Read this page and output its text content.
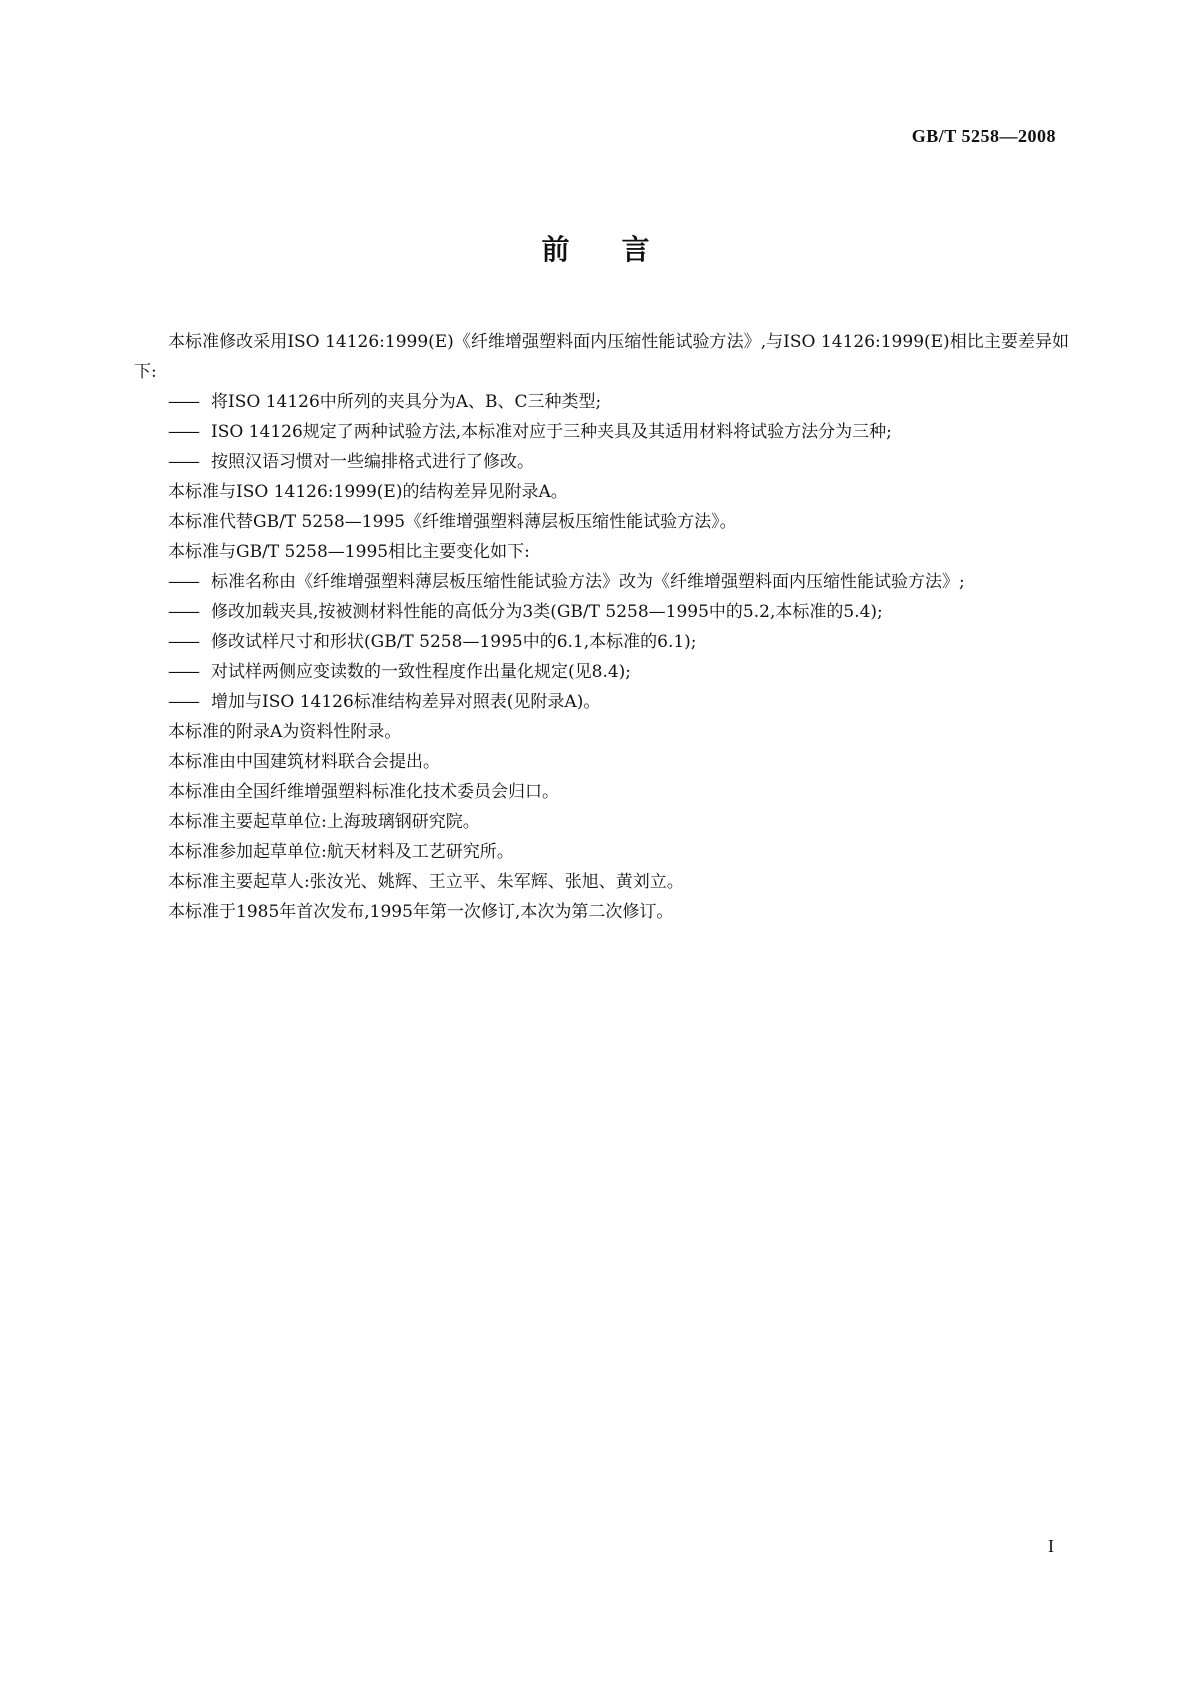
GB/T 5258—2008
前言

本标准修改采用ISO 14126:1999(E)《纤维增强塑料面内压缩性能试验方法》,与ISO 14126:1999(E)相比主要差异如下:

—— 将ISO 14126中所列的夹具分为A、B、C三种类型;

—— ISO 14126规定了两种试验方法,本标准对应于三种夹具及其适用材料将试验方法分为三种;

—— 按照汉语习惯对一些编排格式进行了修改。

本标准与ISO 14126:1999(E)的结构差异见附录A。

本标准代替GB/T 5258—1995《纤维增强塑料薄层板压缩性能试验方法》。

本标准与GB/T 5258—1995相比主要变化如下:

—— 标准名称由《纤维增强塑料薄层板压缩性能试验方法》改为《纤维增强塑料面内压缩性能试验方法》;

—— 修改加载夹具,按被测材料性能的高低分为3类(GB/T 5258—1995中的5.2,本标准的5.4);

—— 修改试样尺寸和形状(GB/T 5258—1995中的6.1,本标准的6.1);

—— 对试样两侧应变读数的一致性程度作出量化规定(见8.4);

—— 增加与ISO 14126标准结构差异对照表(见附录A)。

本标准的附录A为资料性附录。

本标准由中国建筑材料联合会提出。

本标准由全国纤维增强塑料标准化技术委员会归口。

本标准主要起草单位:上海玻璃钢研究院。

本标准参加起草单位:航天材料及工艺研究所。

本标准主要起草人:张汝光、姚辉、王立平、朱军辉、张旭、黄刘立。

本标准于1985年首次发布,1995年第一次修订,本次为第二次修订。

I
